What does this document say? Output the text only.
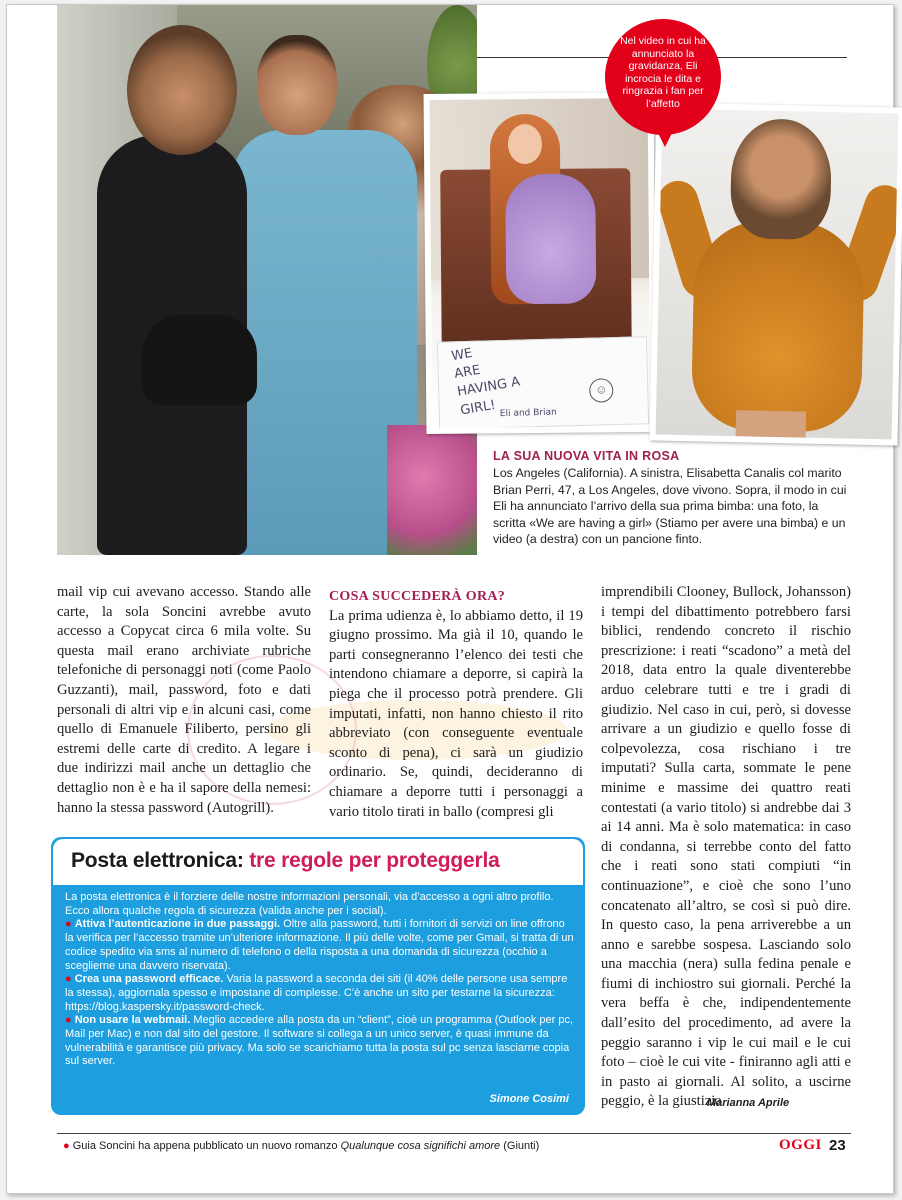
WE
ARE
HAVING A
GIRL!
☺
Eli and Brian
Nel video in cui ha annunciato la gravidanza, Eli incrocia le dita e ringrazia i fan per l’affetto
LA SUA NUOVA VITA IN ROSA
Los Angeles (California). A sinistra, Elisabetta Canalis col marito Brian Perri, 47, a Los Angeles, dove vivono. Sopra, il modo in cui Eli ha annunciato l’arrivo della sua prima bimba: una foto, la scritta «We are having a girl» (Stiamo per avere una bimba) e un video (a destra) con un pancione finto.
mail vip cui avevano accesso. Stando alle carte, la sola Soncini avrebbe avuto accesso a Copycat circa 6 mila volte. Su questa mail erano archiviate rubriche telefoniche di personaggi noti (come Paolo Guzzanti), mail, password, foto e dati personali di altri vip e in alcuni casi, come quello di Emanuele Filiberto, persino gli estremi delle carte di credito. A legare i due indirizzi mail anche un dettaglio che dettaglio non è e ha il sapore della nemesi: hanno la stessa password (Autogrill).
COSA SUCCEDERÀ ORA?
La prima udienza è, lo abbiamo detto, il 19 giugno prossimo. Ma già il 10, quando le parti consegneranno l’elenco dei testi che intendono chiamare a deporre, si capirà la piega che il processo potrà prendere. Gli imputati, infatti, non hanno chiesto il rito abbreviato (con conseguente eventuale sconto di pena), ci sarà un giudizio ordinario. Se, quindi, decideranno di chiamare a deporre tutti i personaggi a vario titolo tirati in ballo (compresi gli
imprendibili Clooney, Bullock, Johansson) i tempi del dibattimento potrebbero farsi biblici, rendendo concreto il rischio prescrizione: i reati “scadono” a metà del 2018, data entro la quale diventerebbe arduo celebrare tutti e tre i gradi di giudizio. Nel caso in cui, però, si dovesse arrivare a un giudizio e quello fosse di colpevolezza, cosa rischiano i tre imputati? Sulla carta, sommate le pene minime e massime dei quattro reati contestati (a vario titolo) si andrebbe dai 3 ai 14 anni. Ma è solo matematica: in caso di condanna, si terrebbe conto del fatto che i reati sono stati compiuti “in continuazione”, e cioè che sono l’uno concatenato all’altro, se così si può dire. In questo caso, la pena arriverebbe a un anno e sarebbe sospesa. Lasciando solo una macchia (nera) sulla fedina penale e fiumi di inchiostro sui giornali. Perché la vera beffa è che, indipendentemente dall’esito del procedimento, ad avere la peggio saranno i vip le cui mail e le cui foto – cioè le cui vite - finiranno agli atti e in pasto ai giornali. Al solito, a uscirne peggio, è la giustizia.
Marianna Aprile
Posta elettronica: tre regole per proteggerla

La posta elettronica è il forziere delle nostre informazioni personali, via d’accesso a ogni altro profilo. Ecco allora qualche regola di sicurezza (valida anche per i social).

● Attiva l’autenticazione in due passaggi. Oltre alla password, tutti i fornitori di servizi on line offrono la verifica per l’accesso tramite un’ulteriore informazione. Il più delle volte, come per Gmail, si tratta di un codice spedito via sms al numero di telefono o della risposta a una domanda di sicurezza (occhio a sceglierne una davvero riservata).

● Crea una password efficace. Varia la password a seconda dei siti (il 40% delle persone usa sempre la stessa), aggiornala spesso e impostane di complesse. C’è anche un sito per testarne la sicurezza: https://blog.kaspersky.it/password-check.

● Non usare la webmail. Meglio accedere alla posta da un “client”, cioè un programma (Outlook per pc, Mail per Mac) e non dal sito del gestore. Il software si collega a un unico server, è quasi immune da vulnerabilità e garantisce più privacy. Ma solo se scarichiamo tutta la posta sul pc senza lasciarne copia sul server.

Simone Cosimi
● Guia Soncini ha appena pubblicato un nuovo romanzo Qualunque cosa significhi amore (Giunti)	OGGI 23
